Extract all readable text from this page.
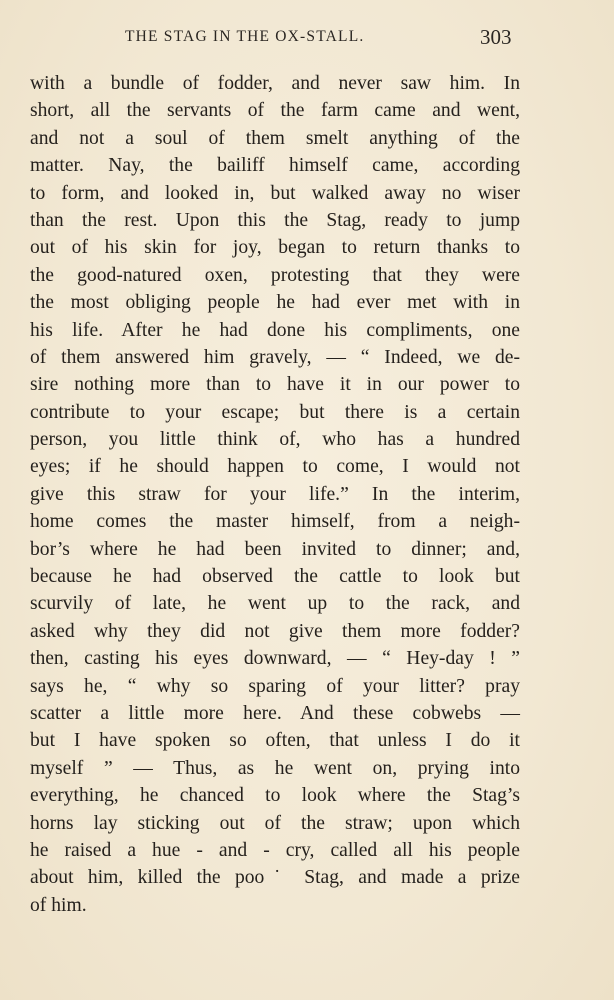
THE STAG IN THE OX-STALL.	303
with a bundle of fodder, and never saw him. In
short, all the servants of the farm came and went,
and not a soul of them smelt anything of the
matter. Nay, the bailiff himself came, according
to form, and looked in, but walked away no wiser
than the rest. Upon this the Stag, ready to jump
out of his skin for joy, began to return thanks to
the good-natured oxen, protesting that they were
the most obliging people he had ever met with in
his life. After he had done his compliments, one
of them answered him gravely, — “ Indeed, we de-
sire nothing more than to have it in our power to
contribute to your escape; but there is a certain
person, you little think of, who has a hundred
eyes; if he should happen to come, I would not
give this straw for your life.” In the interim,
home comes the master himself, from a neigh-
bor’s where he had been invited to dinner; and,
because he had observed the cattle to look but
scurvily of late, he went up to the rack, and
asked why they did not give them more fodder?
then, casting his eyes downward, — “ Hey-day ! ”
says he, “ why so sparing of your litter? pray
scatter a little more here. And these cobwebs —
but I have spoken so often, that unless I do it
myself ” — Thus, as he went on, prying into
everything, he chanced to look where the Stag’s
horns lay sticking out of the straw; upon which
he raised a hue - and - cry, called all his people
about him, killed the poo˙ Stag, and made a prize
of him.
